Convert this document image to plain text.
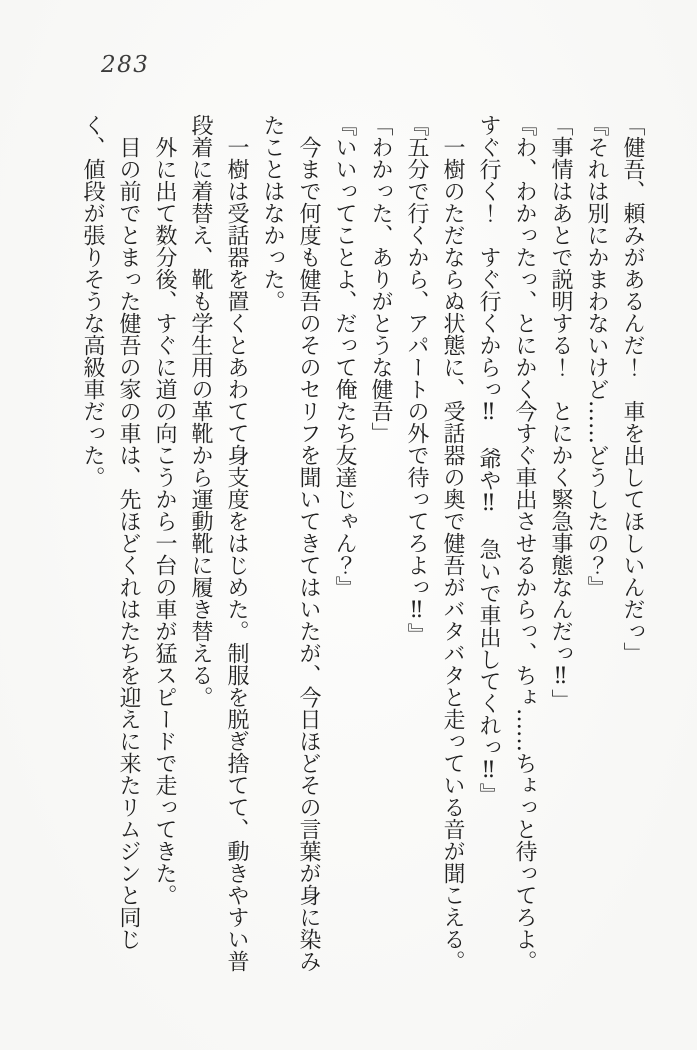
283

「健吾、頼みがあるんだ！　車を出してほしいんだっ」

『それは別にかまわないけど……どうしたの？』

「事情はあとで説明する！　とにかく緊急事態なんだっ‼」

『わ、わかったっ、とにかく今すぐ車出させるからっ、ちょ……ちょっと待ってろよ。すぐ行く！　すぐ行くからっ‼　爺や‼　急いで車出してくれっ‼』

一樹のただならぬ状態に、受話器の奥で健吾がバタバタと走っている音が聞こえる。

『五分で行くから、アパートの外で待ってろよっ‼』

「わかった、ありがとうな健吾」

『いいってことよ、だって俺たち友達じゃん？』

今まで何度も健吾のそのセリフを聞いてきてはいたが、今日ほどその言葉が身に染みたことはなかった。

一樹は受話器を置くとあわてて身支度をはじめた。制服を脱ぎ捨てて、動きやすい普段着に着替え、靴も学生用の革靴から運動靴に履き替える。

外に出て数分後、すぐに道の向こうから一台の車が猛スピードで走ってきた。

目の前でとまった健吾の家の車は、先ほどくれはたちを迎えに来たリムジンと同じく、値段が張りそうな高級車だった。
